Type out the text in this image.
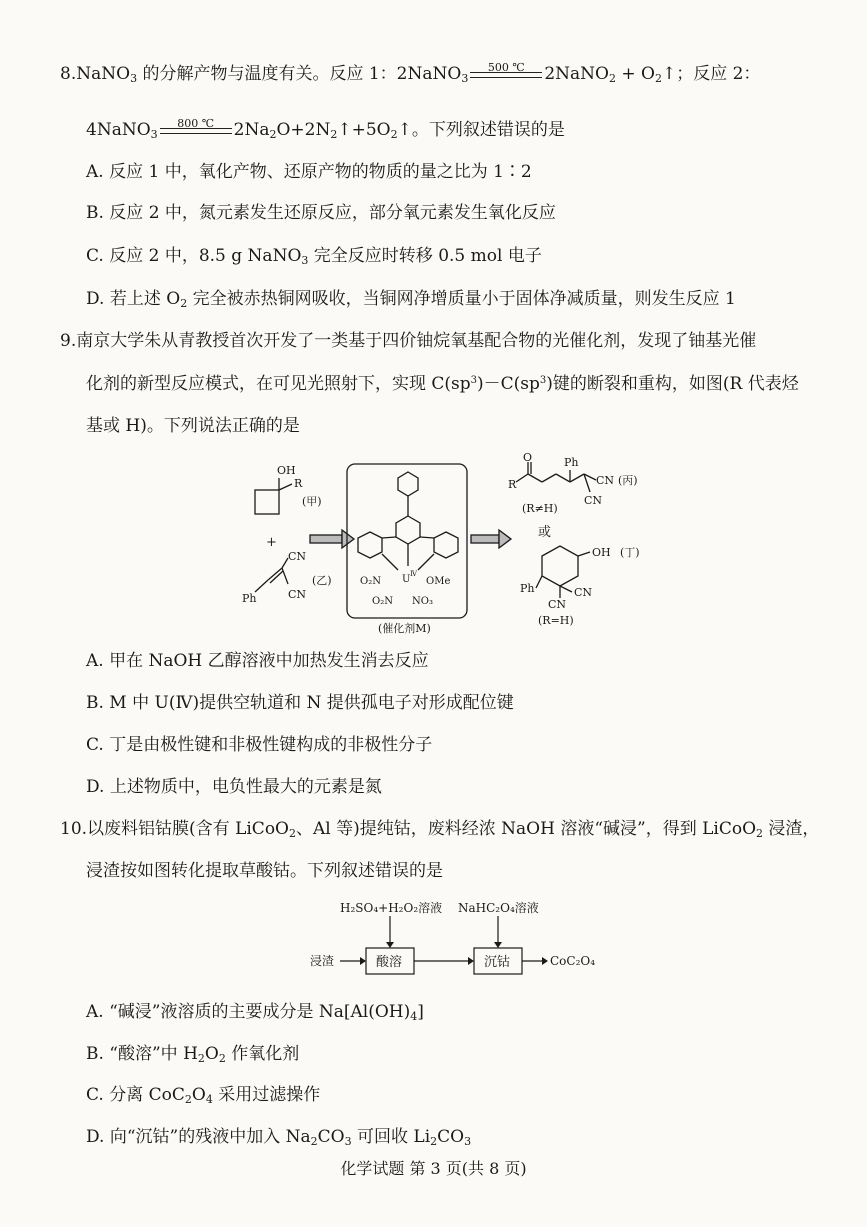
8.NaNO$_3$ 的分解产物与温度有关。反应 1：2NaNO$_3$
500 ℃	2NaNO$_2$ + $O_2↑$；反应 2：
4NaNO$_3$
800 ℃	$2Na_2O+2N_2↑+5O_2↑$。下列叙述错误的是
A. 反应 1 中，氧化产物、还原产物的物质的量之比为 1∶2
B. 反应 2 中，氮元素发生还原反应，部分氧元素发生氧化反应
C. 反应 2 中，8.5 g NaNO$_3$ 完全反应时转移 0.5 mol 电子
D. 若上述 $O_2$ 完全被赤热铜网吸收，当铜网净增质量小于固体净减质量，则发生反应 1
9.南京大学朱从青教授首次开发了一类基于四价铀烷氧基配合物的光催化剂，发现了铀基光催
化剂的新型反应模式，在可见光照射下，实现 $C(sp^3)-C(sp^3)$键的断裂和重构，如图(R 代表烃
基或 H)。下列说法正确的是
OH
R
(甲)
+
CN
CN
(乙)
Ph
O₂N U Ⅳ
OMe
O₂N NO₃
(催化剂M)
O
R
Ph
CN
CN
(丙)
(R≠H)
或
OH (丁)
Ph	CN
CN
(R=H)
A. 甲在 NaOH 乙醇溶液中加热发生消去反应
B. M 中 U(Ⅳ)提供空轨道和 N 提供孤电子对形成配位键
C. 丁是由极性键和非极性键构成的非极性分子
D. 上述物质中，电负性最大的元素是氮
10.以废料铝钴膜(含有 LiCoO$_2$、Al 等)提纯钴，废料经浓 NaOH 溶液“碱浸”，得到 LiCoO$_2$ 浸渣，
浸渣按如图转化提取草酸钴。下列叙述错误的是
H₂SO₄+H₂O₂溶液 NaHC₂O₄溶液
浸渣	酸溶	沉钴	CoC₂O₄
A. “碱浸”液溶质的主要成分是 $Na[Al(OH)_4]$
B. “酸溶”中 $H_2O_2$ 作氧化剂
C. 分离 $CoC_2O_4$ 采用过滤操作
D. 向“沉钴”的残液中加入 $Na_2CO_3$ 可回收 $Li_2CO_3$
化学试题 第 3 页(共 8 页)
